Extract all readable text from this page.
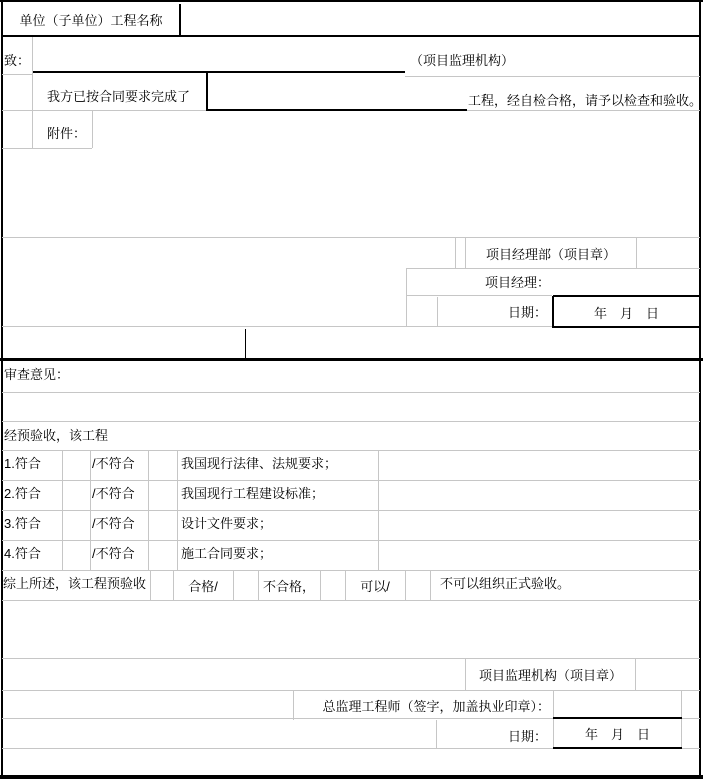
单位（子单位）工程名称
致：	（项目监理机构）
我方已按合同要求完成了	工程，经自检合格，请予以检查和验收。
附件：
项目经理部（项目章）
项目经理：
日期：	年　月　日
审查意见：
经预验收，该工程
1.符合	/不符合	我国现行法律、法规要求；
2.符合	/不符合	我国现行工程建设标准；
3.符合	/不符合	设计文件要求；
4.符合	/不符合	施工合同要求；
综上所述，该工程预验收	合格/	不合格，	可以/	不可以组织正式验收。
项目监理机构（项目章）
总监理工程师（签字，加盖执业印章）：
日期：	年　月　日
